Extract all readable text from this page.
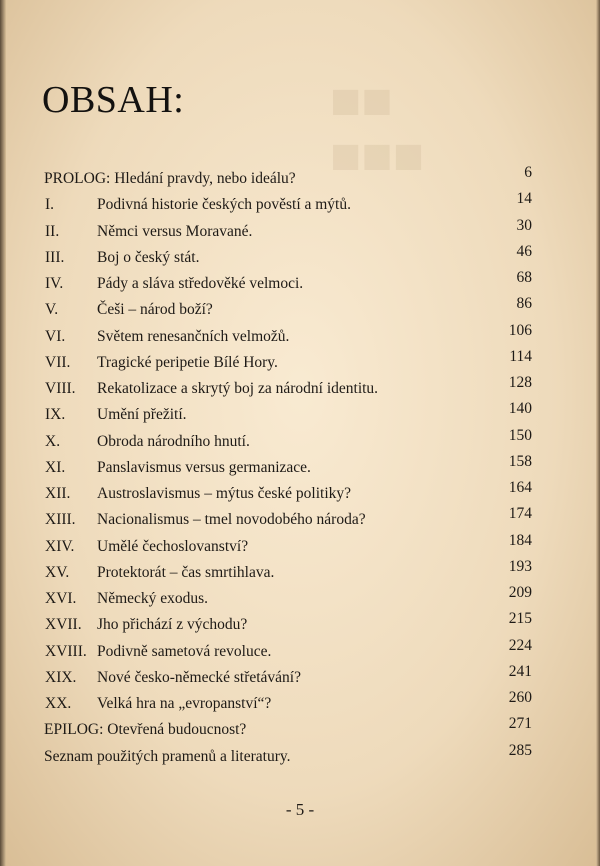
■■
■■■
OBSAH:
PROLOG: Hledání pravdy, nebo ideálu?	6
I.	Podivná historie českých pověstí a mýtů.	14
II. Němci versus Moravané.	30
III. Boj o český stát.	46
IV. Pády a sláva středověké velmoci.	68
V.	Češi – národ boží?	86
VI. Světem renesančních velmožů.	106
VII. Tragické peripetie Bílé Hory.	114
VIII. Rekatolizace a skrytý boj za národní identitu.	128
IX. Umění přežití.	140
X. Obroda národního hnutí.	150
XI. Panslavismus versus germanizace.	158
XII. Austroslavismus – mýtus české politiky?	164
XIII. Nacionalismus – tmel novodobého národa?	174
XIV. Umělé čechoslovanství?	184
XV. Protektorát – čas smrtihlava.	193
XVI. Německý exodus.	209
XVII. Jho přichází z východu?	215
XVIII. Podivně sametová revoluce.	224
XIX. Nové česko-německé střetávání?	241
XX. Velká hra na „evropanství“?	260
EPILOG: Otevřená budoucnost?	271
Seznam použitých pramenů a literatury.	285
- 5 -
